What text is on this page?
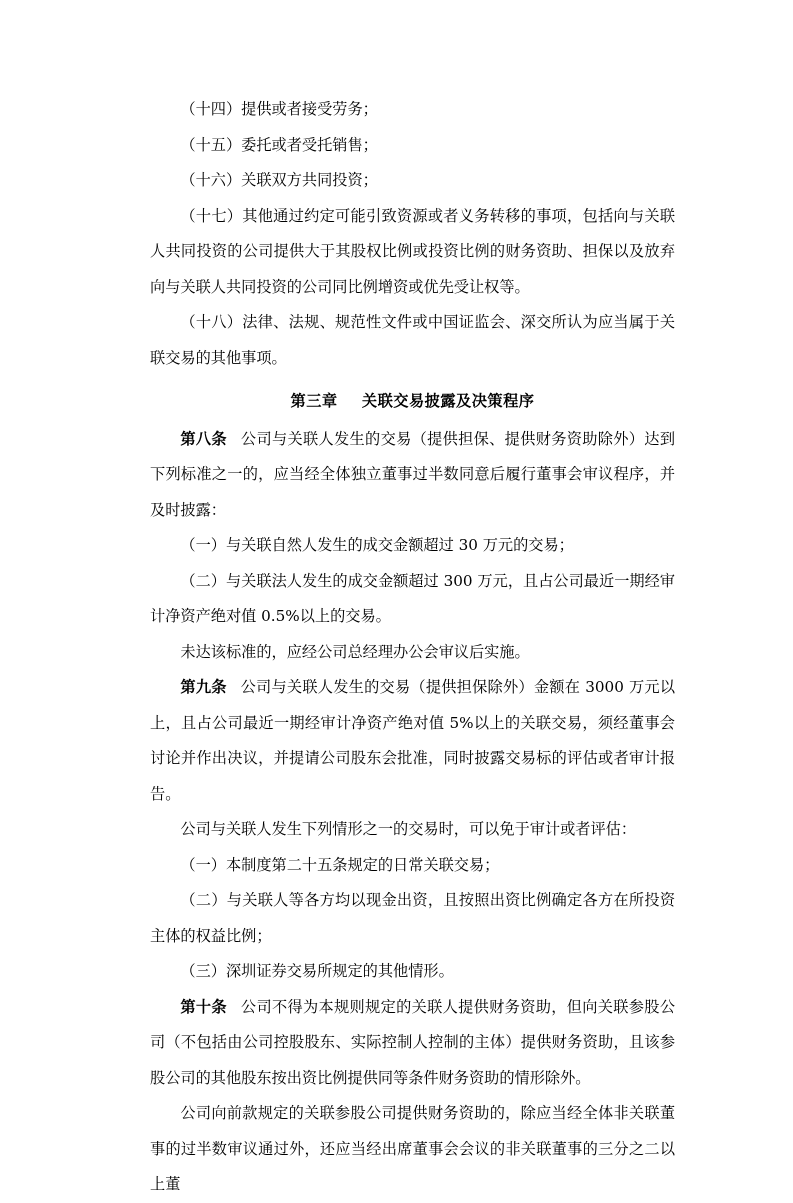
（十四）提供或者接受劳务；

（十五）委托或者受托销售；

（十六）关联双方共同投资；

（十七）其他通过约定可能引致资源或者义务转移的事项，包括向与关联人共同投资的公司提供大于其股权比例或投资比例的财务资助、担保以及放弃向与关联人共同投资的公司同比例增资或优先受让权等。

（十八）法律、法规、规范性文件或中国证监会、深交所认为应当属于关联交易的其他事项。

第三章 关联交易披露及决策程序

第八条 公司与关联人发生的交易（提供担保、提供财务资助除外）达到下列标准之一的，应当经全体独立董事过半数同意后履行董事会审议程序，并及时披露：

（一）与关联自然人发生的成交金额超过 30 万元的交易；

（二）与关联法人发生的成交金额超过 300 万元，且占公司最近一期经审计净资产绝对值 0.5%以上的交易。

未达该标准的，应经公司总经理办公会审议后实施。

第九条 公司与关联人发生的交易（提供担保除外）金额在 3000 万元以上，且占公司最近一期经审计净资产绝对值 5%以上的关联交易，须经董事会讨论并作出决议，并提请公司股东会批准，同时披露交易标的评估或者审计报告。

公司与关联人发生下列情形之一的交易时，可以免于审计或者评估：

（一）本制度第二十五条规定的日常关联交易；

（二）与关联人等各方均以现金出资，且按照出资比例确定各方在所投资主体的权益比例；

（三）深圳证券交易所规定的其他情形。

第十条 公司不得为本规则规定的关联人提供财务资助，但向关联参股公司（不包括由公司控股股东、实际控制人控制的主体）提供财务资助，且该参股公司的其他股东按出资比例提供同等条件财务资助的情形除外。

公司向前款规定的关联参股公司提供财务资助的，除应当经全体非关联董事的过半数审议通过外，还应当经出席董事会会议的非关联董事的三分之二以上董
